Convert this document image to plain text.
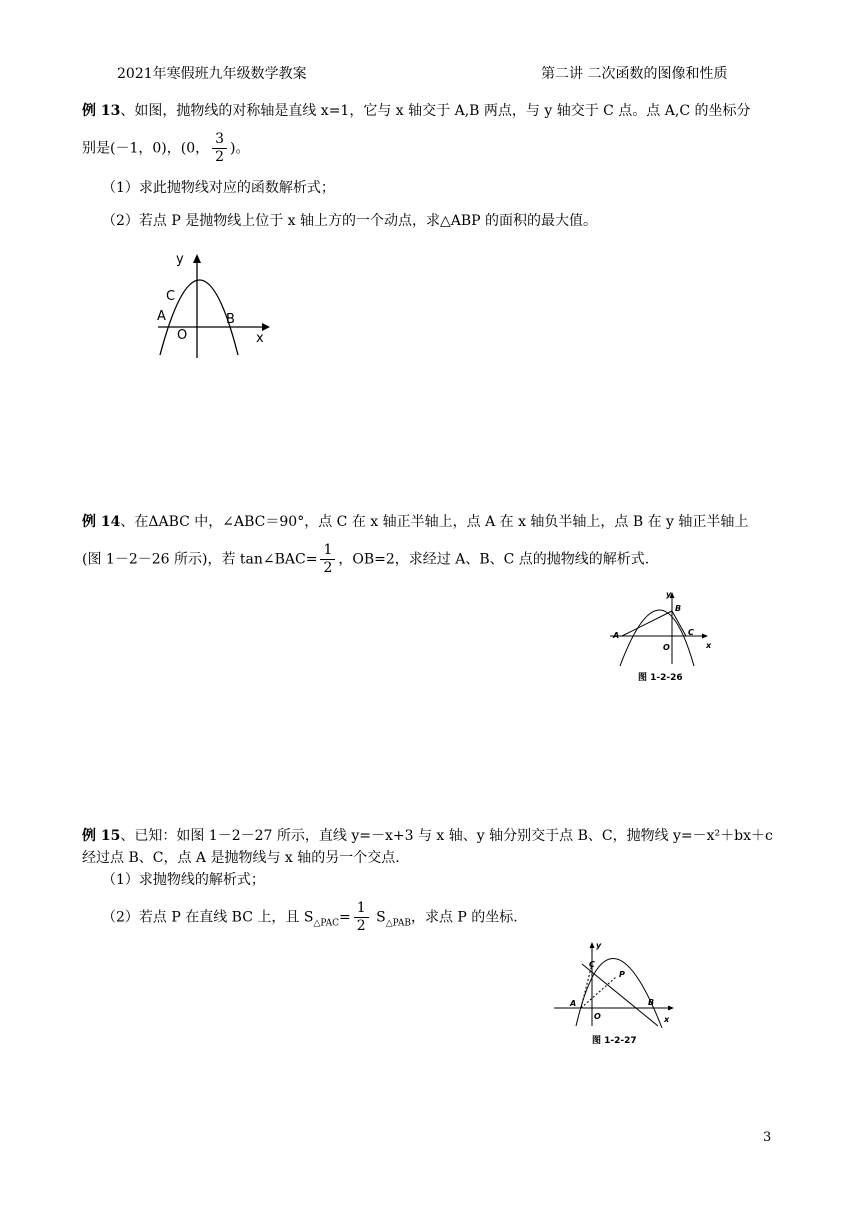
2021年寒假班九年级数学教案	第二讲 二次函数的图像和性质
例 13、如图，抛物线的对称轴是直线 x=1，它与 x 轴交于 A,B 两点，与 y 轴交于 C 点。点 A,C 的坐标分
别是(－1，0)，(0， $\frac{3}{2}$ )。
（1）求此抛物线对应的函数解析式；
（2）若点 P 是抛物线上位于 x 轴上方的一个动点，求△ABP 的面积的最大值。
y
x
C
A
O
B
例 14、在ΔABC 中，∠ABC＝90°，点 C 在 x 轴正半轴上，点 A 在 x 轴负半轴上，点 B 在 y 轴正半轴上
(图 1－2－26 所示)，若 tan∠BAC= $\frac{1}{2}$ ，OB=2，求经过 A、B、C 点的抛物线的解析式.
y
x
A
B
C
O
图 1-2-26
例 15、已知：如图 1－2－27 所示，直线 y=－x+3 与 x 轴、y 轴分别交于点 B、C，抛物线 y=－x²＋bx＋c
经过点 B、C，点 A 是抛物线与 x 轴的另一个交点.
（1）求抛物线的解析式；
（2）若点 P 在直线 BC 上，且 $S_{\triangle PAC}= \frac{1}{2} S_{\triangle PAB}$，求点 P 的坐标.
y
x
C
P
A
O
B
图 1-2-27
3
